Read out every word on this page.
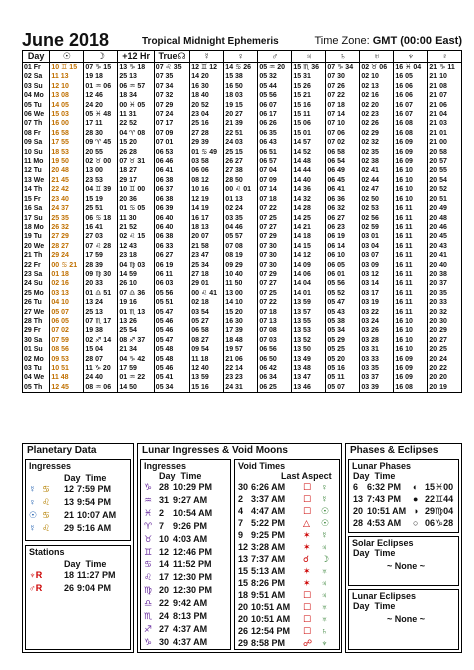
June 2018	Tropical Midnight Ephemeris	Time Zone: GMT (00:00 East)
Day	☉	☽	+12 Hr	True☊	☿	♀	♂	♃	♄	♅	♆	♇
01 Fr	10 ♊ 15	07 ♑ 15	13 ♑ 18	07 ♌ 35	12 ♊ 12	14 ♋ 26	05 ♒ 20	15 ♏ 36	07 ♑ 34	02 ♉ 06	16 ♓ 04	21 ♑ 11
02 Sa	11 13	19 18	25 13	07 35	14 20	15 38	05 32	15 31	07 30	02 10	16 05	21 10
03 Su	12 10	01 ♒ 06	06 ♒ 57	07 34	16 30	16 50	05 44	15 26	07 26	02 13	16 06	21 08
04 Mo	13 08	12 46	18 34	07 32	18 40	18 03	05 56	15 21	07 22	02 16	16 06	21 07
05 Tu	14 05	24 20	00 ♓ 05	07 29	20 52	19 15	06 07	15 16	07 18	02 20	16 07	21 06
06 We	15 03	05 ♓ 48	11 31	07 24	23 04	20 27	06 17	15 11	07 14	02 23	16 07	21 04
07 Th	16 00	17 11	22 52	07 17	25 16	21 39	06 26	15 06	07 10	02 26	16 08	21 03
08 Fr	16 58	28 30	04 ♈ 08	07 09	27 28	22 51	06 35	15 01	07 06	02 29	16 08	21 01
09 Sa	17 55	09 ♈ 45	15 20	07 01	29 39	24 03	06 43	14 57	07 02	02 32	16 09	21 00
10 Su	18 53	20 55	26 28	06 53	01 ♋ 49	25 15	06 51	14 52	06 58	02 35	16 09	20 58
11 Mo	19 50	02 ♉ 00	07 ♉ 31	06 46	03 58	26 27	06 57	14 48	06 54	02 38	16 09	20 57
12 Tu	20 48	13 00	18 27	06 41	06 06	27 38	07 04	14 44	06 49	02 41	16 10	20 55
13 We	21 45	23 53	29 17	06 38	08 12	28 50	07 09	14 40	06 45	02 44	16 10	20 54
14 Th	22 42	04 ♊ 39	10 ♊ 00	06 37	10 16	00 ♌ 01	07 14	14 36	06 41	02 47	16 10	20 52
15 Fr	23 40	15 19	20 36	06 38	12 19	01 13	07 18	14 32	06 36	02 50	16 10	20 51
16 Sa	24 37	25 51	01 ♋ 05	06 39	14 19	02 24	07 22	14 28	06 32	02 53	16 11	20 49
17 Su	25 35	06 ♋ 18	11 30	06 40	16 17	03 35	07 25	14 25	06 27	02 56	16 11	20 48
18 Mo	26 32	16 41	21 52	06 40	18 13	04 46	07 27	14 21	06 23	02 59	16 11	20 46
19 Tu	27 29	27 03	02 ♌ 15	06 38	20 07	05 57	07 29	14 18	06 19	03 01	16 11	20 45
20 We	28 27	07 ♌ 28	12 43	06 33	21 58	07 08	07 30	14 15	06 14	03 04	16 11	20 43
21 Th	29 24	17 59	23 18	06 27	23 47	08 19	07 30	14 12	06 10	03 07	16 11	20 41
22 Fr	00 ♋ 21	28 39	04 ♍ 03	06 19	25 34	09 29	07 30	14 09	06 05	03 09	16 11	20 40
23 Sa	01 18	09 ♍ 30	14 59	06 11	27 18	10 40	07 29	14 06	06 01	03 12	16 11	20 38
24 Su	02 16	20 33	26 10	06 03	29 01	11 50	07 27	14 04	05 56	03 14	16 11	20 37
25 Mo	03 13	01 ♎ 51	07 ♎ 36	05 56	00 ♌ 41	13 00	07 25	14 01	05 52	03 17	16 11	20 35
26 Tu	04 10	13 24	19 16	05 51	02 18	14 10	07 22	13 59	05 47	03 19	16 11	20 33
27 We	05 07	25 13	01 ♏ 13	05 47	03 54	15 20	07 18	13 57	05 43	03 22	16 11	20 32
28 Th	06 05	07 ♏ 17	13 26	05 46	05 27	16 30	07 13	13 55	05 38	03 24	16 10	20 30
29 Fr	07 02	19 38	25 54	05 46	06 58	17 39	07 08	13 53	05 34	03 26	16 10	20 29
30 Sa	07 59	02 ♐ 14	08 ♐ 37	05 47	08 27	18 48	07 03	13 52	05 29	03 28	16 10	20 27
01 Su	08 56	15 04	21 34	05 48	09 54	19 57	06 56	13 50	05 25	03 31	16 10	20 25
02 Mo	09 53	28 07	04 ♑ 42	05 48	11 18	21 06	06 50	13 49	05 20	03 33	16 09	20 24
03 Tu	10 51	11 ♑ 20	17 59	05 46	12 40	22 14	06 42	13 48	05 16	03 35	16 09	20 22
04 We	11 48	24 40	01 ♒ 22	05 41	13 59	23 23	06 34	13 47	05 11	03 37	16 09	20 20
05 Th	12 45	08 ♒ 06	14 50	05 34	15 16	24 31	06 25	13 46	05 07	03 39	16 08	20 19
Planetary Data
Ingresses
Day Time
☿ ♋ 12 7:59 PM
♀ ♌ 13 9:54 PM
☉ ♋ 21 10:07 AM
☿ ♌ 29 5:16 AM
Stations
Day Time
♆R 18 11:27 PM
♂R 26 9:04 PM
Lunar Ingresses & Void Moons
Ingresses
Day Time
♑ 28 10:29 PM
♒ 31 9:27 AM
♓ 2 10:54 AM
♈ 7 9:26 PM
♉ 10 4:03 AM
♊ 12 12:46 PM
♋ 14 11:52 PM
♌ 17 12:30 PM
♍ 20 12:30 PM
♎ 22 9:42 AM
♏ 24 8:13 PM
♐ 27 4:37 AM
♑ 30 4:37 AM
Void Times
Last Aspect
30 6:26 AM ☐ ♀
2 3:37 AM ☐ ☿
4 4:47 AM ☐ ☉
7 5:22 PM △ ☉
9 9:25 PM ✶ ☿
12 3:28 AM ✶ ♃
13 7:37 AM ☌ ☽
15 5:13 AM ✶ ♅
15 8:26 PM ✶ ♃
18 9:51 AM ☐ ♃
20 10:51 AM ☐ ♅
20 10:51 AM ☐ ♅
26 12:54 PM ☐ ♄
29 8:58 PM ☍ ♆
Phases & Eclipses
Lunar Phases
Day Time
6 6:32 PM ◐ 15♓00
13 7:43 PM ● 22♊44
20 10:51 AM ◑ 29♍04
28 4:53 AM ○ 06♑28
Solar Eclipses
Day Time
~ None ~
Lunar Eclipses
Day Time
~ None ~
